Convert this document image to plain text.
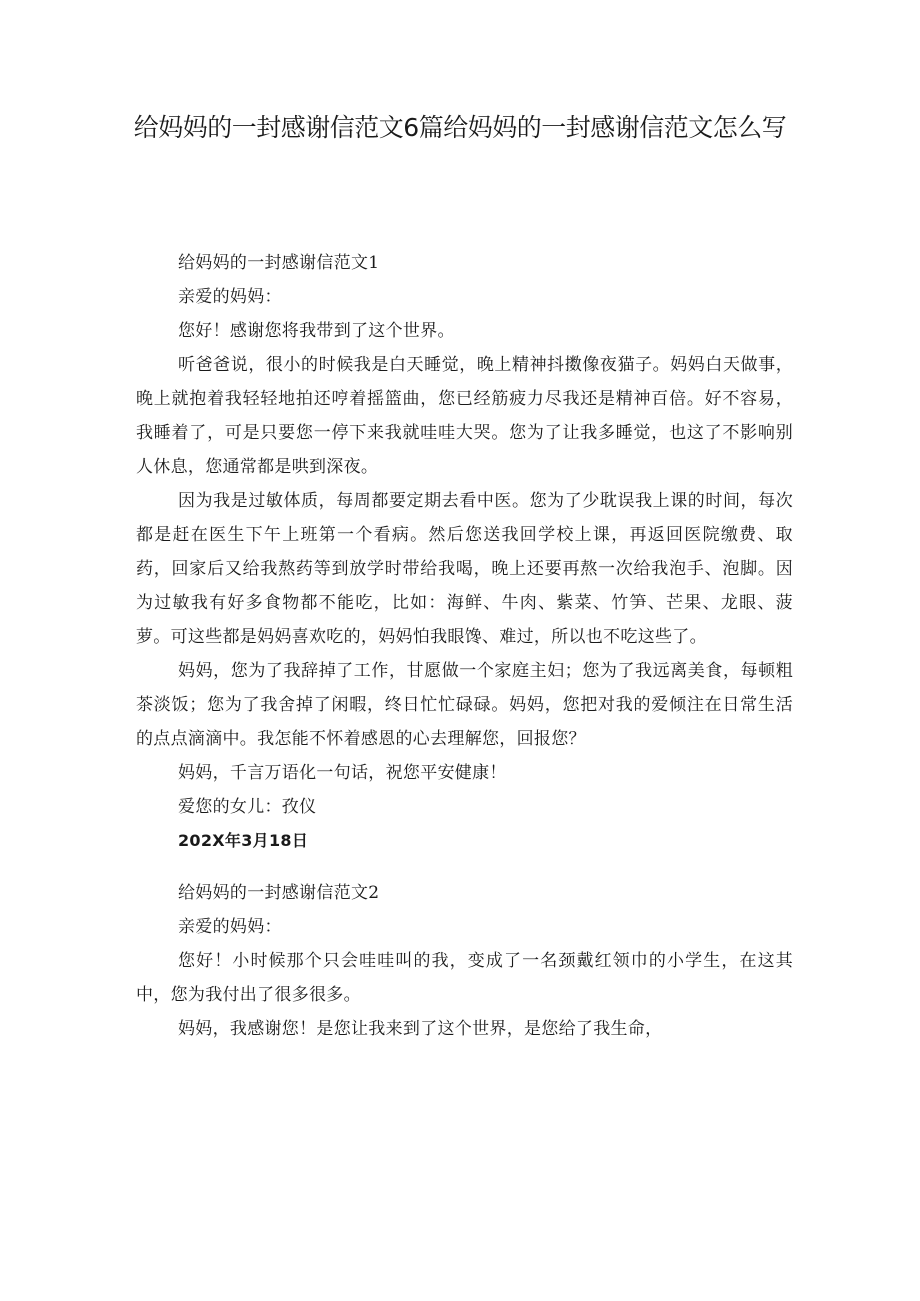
给妈妈的一封感谢信范文6篇给妈妈的一封感谢信范文怎么写

给妈妈的一封感谢信范文1

亲爱的妈妈：

您好！感谢您将我带到了这个世界。

听爸爸说，很小的时候我是白天睡觉，晚上精神抖擞像夜猫子。妈妈白天做事，晚上就抱着我轻轻地拍还哼着摇篮曲，您已经筋疲力尽我还是精神百倍。好不容易，我睡着了，可是只要您一停下来我就哇哇大哭。您为了让我多睡觉，也这了不影响别人休息，您通常都是哄到深夜。

因为我是过敏体质，每周都要定期去看中医。您为了少耽误我上课的时间，每次都是赶在医生下午上班第一个看病。然后您送我回学校上课，再返回医院缴费、取药，回家后又给我熬药等到放学时带给我喝，晚上还要再熬一次给我泡手、泡脚。因为过敏我有好多食物都不能吃，比如：海鲜、牛肉、紫菜、竹笋、芒果、龙眼、菠萝。可这些都是妈妈喜欢吃的，妈妈怕我眼馋、难过，所以也不吃这些了。

妈妈，您为了我辞掉了工作，甘愿做一个家庭主妇；您为了我远离美食，每顿粗茶淡饭；您为了我舍掉了闲暇，终日忙忙碌碌。妈妈，您把对我的爱倾注在日常生活的点点滴滴中。我怎能不怀着感恩的心去理解您，回报您？

妈妈，千言万语化一句话，祝您平安健康！

爱您的女儿：孜仪

202X年3月18日

给妈妈的一封感谢信范文2

亲爱的妈妈：

您好！小时候那个只会哇哇叫的我，变成了一名颈戴红领巾的小学生，在这其中，您为我付出了很多很多。

妈妈，我感谢您！是您让我来到了这个世界，是您给了我生命，
